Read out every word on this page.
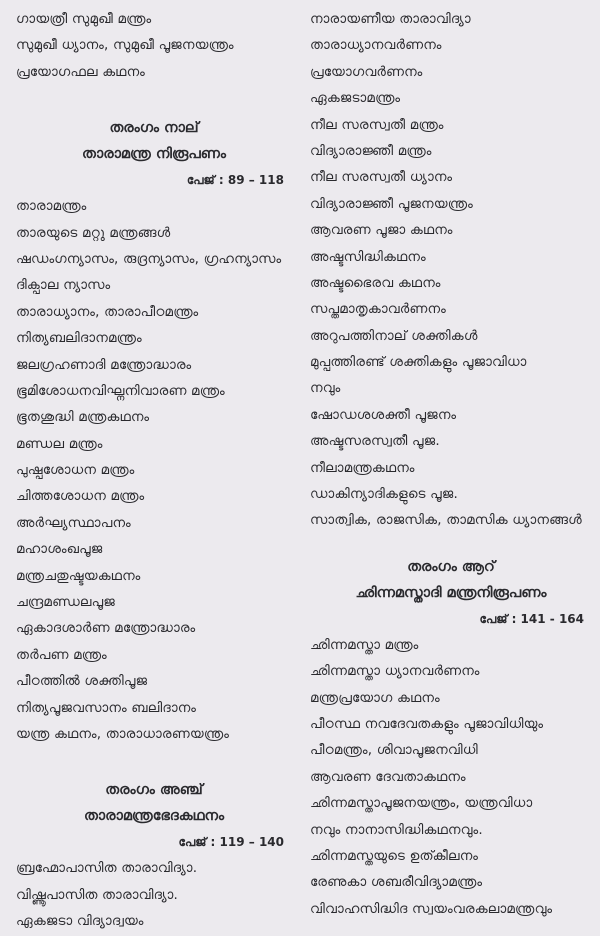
ഗായത്രീ സുമുഖീ മന്ത്രം
സുമുഖീ ധ്യാനം, സുമുഖീ പൂജനയന്ത്രം
പ്രയോഗഫല കഥനം
തരംഗം നാല്
താരാമന്ത്ര നിരൂപണം
പേജ് : 89 – 118
താരാമന്ത്രം
താരയുടെ മറ്റു മന്ത്രങ്ങൾ
ഷഡംഗന്യാസം, രുദ്രന്യാസം, ഗ്രഹന്യാസം
ദിക്പാല ന്യാസം
താരാധ്യാനം, താരാപീഠമന്ത്രം
നിത്യബലിദാനമന്ത്രം
ജലഗ്രഹണാദി മന്ത്രോദ്ധാരം
ഭൂമിശോധനവിഘ്നനിവാരണ മന്ത്രം
ഭൂതശുദ്ധി മന്ത്രകഥനം
മണ്ഡല മന്ത്രം
പുഷ്പശോധന മന്ത്രം
ചിത്തശോധന മന്ത്രം
അർഘ്യസ്ഥാപനം
മഹാശംഖപൂജ
മന്ത്രചതുഷ്ടയകഥനം
ചന്ദ്രമണ്ഡലപൂജ
ഏകാദശാർണ മന്ത്രോദ്ധാരം
തർപണ മന്ത്രം
പീഠത്തിൽ ശക്തിപൂജ
നിത്യപൂജവസാനം ബലിദാനം
യന്ത്ര കഥനം, താരാധാരണയന്ത്രം
തരംഗം അഞ്ച്
താരാമന്ത്രഭേദകഥനം
പേജ് : 119 – 140
ബ്രഹ്മോപാസിത താരാവിദ്യാ.
വിഷ്ണൂപാസിത താരാവിദ്യാ.
ഏകജടാ വിദ്യാദ്വയം
നാരായണീയ താരാവിദ്യാ
താരാധ്യാനവർണനം
പ്രയോഗവർണനം
ഏകജടാമന്ത്രം
നീല സരസ്വതീ മന്ത്രം
വിദ്യാരാജ്ഞീ മന്ത്രം
നീല സരസ്വതീ ധ്യാനം
വിദ്യാരാജ്ഞീ പൂജനയന്ത്രം
ആവരണ പൂജാ കഥനം
അഷ്ടസിദ്ധികഥനം
അഷ്ടഭൈരവ കഥനം
സപ്തമാതൃകാവർണനം
അറുപത്തിനാല് ശക്തികൾ
മുപ്പത്തിരണ്ട് ശക്തികളും പൂജാവിധാ
നവും
ഷോഡശശക്തീ പൂജനം
അഷ്ടസരസ്വതീ പൂജ.
നീലാമന്ത്രകഥനം
ഡാകിന്യാദികളുടെ പൂജ.
സാത്വിക, രാജസിക, താമസിക ധ്യാനങ്ങൾ
തരംഗം ആറ്
ഛിന്നമസ്താദി മന്ത്രനിരൂപണം
പേജ് : 141 - 164
ഛിന്നമസ്താ മന്ത്രം
ഛിന്നമസ്താ ധ്യാനവർണനം
മന്ത്രപ്രയോഗ കഥനം
പീഠസ്ഥ നവദേവതകളും പൂജാവിധിയും
പീഠമന്ത്രം, ശിവാപൂജനവിധി
ആവരണ ദേവതാകഥനം
ഛിന്നമസ്താപൂജനയന്ത്രം, യന്ത്രവിധാ
നവും നാനാസിദ്ധികഥനവും.
ഛിന്നമസ്തയുടെ ഉത്കീലനം
രേണുകാ ശബരീവിദ്യാമന്ത്രം
വിവാഹസിദ്ധിദ സ്വയംവരകലാമന്ത്രവും
